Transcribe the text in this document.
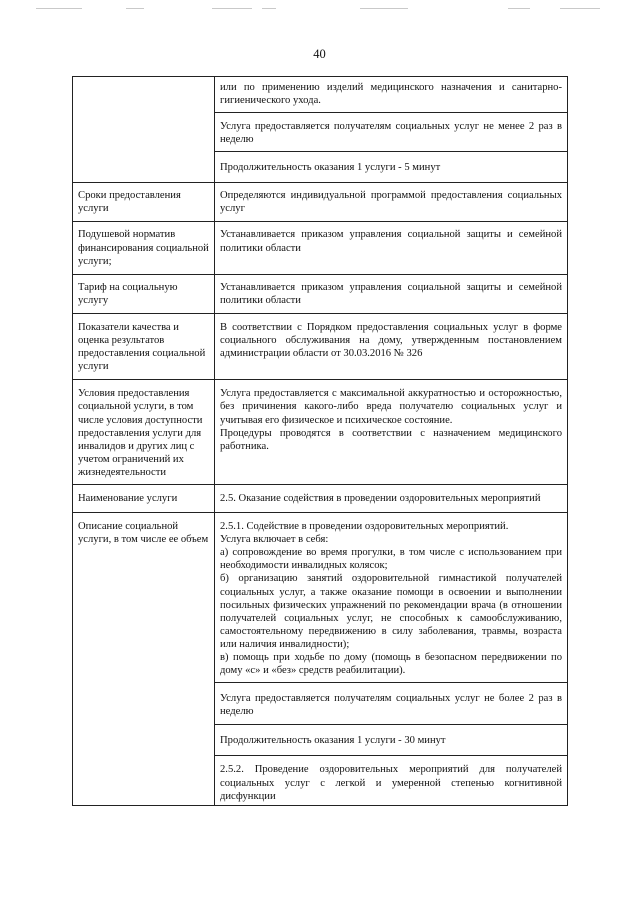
40

	или по применению изделий медицинского назначения и санитарно-гигиенического ухода.

	Услуга предоставляется получателям социальных услуг не менее 2 раз в неделю

	Продолжительность оказания 1 услуги - 5 минут

Сроки предоставления услуги	Определяются индивидуальной программой предоставления социальных услуг

Подушевой норматив финансирования социальной услуги;	Устанавливается приказом управления социальной защиты и семейной политики области

Тариф на социальную услугу	Устанавливается приказом управления социальной защиты и семейной политики области

Показатели качества и оценка результатов предоставления социальной услуги	В соответствии с Порядком предоставления социальных услуг в форме социального обслуживания на дому, утвержденным постановлением администрации области от 30.03.2016 № 326

Условия предоставления социальной услуги, в том числе условия доступности предоставления услуги для инвалидов и других лиц с учетом ограничений их жизнедеятельности	Услуга предоставляется с максимальной аккуратностью и осторожностью, без причинения какого-либо вреда получателю социальных услуг и учитывая его физическое и психическое состояние.

Процедуры проводятся в соответствии с назначением медицинского работника.

Наименование услуги	2.5. Оказание содействия в проведении оздоровительных мероприятий

Описание социальной услуги, в том числе ее объем	2.5.1. Содействие в проведении оздоровительных мероприятий.

Услуга включает в себя:

а) сопровождение во время прогулки, в том числе с использованием при необходимости инвалидных колясок;

б) организацию занятий оздоровительной гимнастикой получателей социальных услуг, а также оказание помощи в освоении и выполнении посильных физических упражнений по рекомендации врача (в отношении получателей социальных услуг, не способных к самообслуживанию, самостоятельному передвижению в силу заболевания, травмы, возраста или наличия инвалидности);

в) помощь при ходьбе по дому (помощь в безопасном передвижении по дому «с» и «без» средств реабилитации).

	Услуга предоставляется получателям социальных услуг не более 2 раз в неделю

	Продолжительность оказания 1 услуги - 30 минут

	2.5.2. Проведение оздоровительных мероприятий для получателей социальных услуг с легкой и умеренной степенью когнитивной дисфункции
